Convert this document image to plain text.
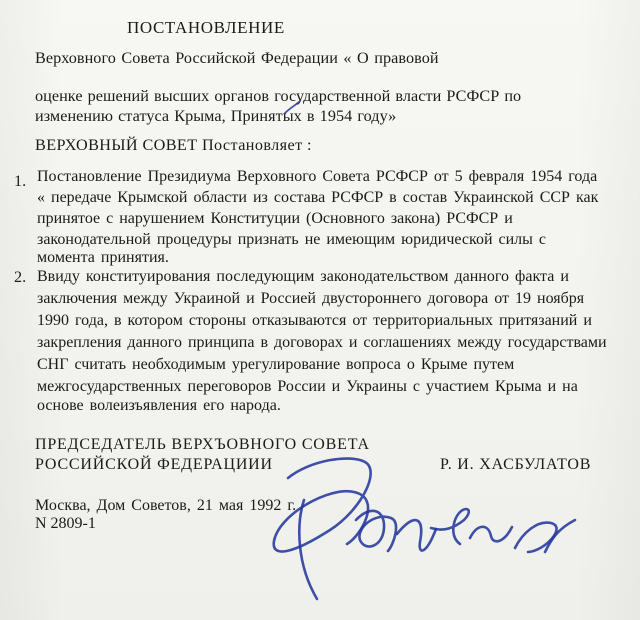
ПОСТАНОВЛЕНИЕ
Верховного Совета Российской Федерации « О правовой
оценке решений высших органов государственной власти РСФСР по
изменению статуса Крыма, Принятых в 1954 году»
ВЕРХОВНЫЙ СОВЕТ Постановляет :
1. Постановление Президиума Верховного Совета РСФСР от 5 февраля 1954 года
« передаче Крымской области из состава РСФСР в состав Украинской ССР как
принятое с нарушением Конституции (Основного закона) РСФСР и
законодательной процедуры признать не имеющим юридической силы с
момента принятия.
2. Ввиду конституирования последующим законодательством данного факта и
заключения между Украиной и Россией двустороннего договора от 19 ноября
1990 года, в котором стороны отказываются от территориальных притязаний и
закрепления данного принципа в договорах и соглашениях между государствами
СНГ считать необходимым урегулирование вопроса о Крыме путем
межгосударственных переговоров России и Украины с участием Крыма и на
основе волеизъявления его народа.
ПРЕДСЕДАТЕЛЬ ВЕРХЪОВНОГО СОВЕТА
РОССИЙСКОЙ ФЕДЕРАЦИИИ	Р. И. ХАСБУЛАТОВ
Москва, Дом Советов, 21 мая 1992 г.
N 2809-1
